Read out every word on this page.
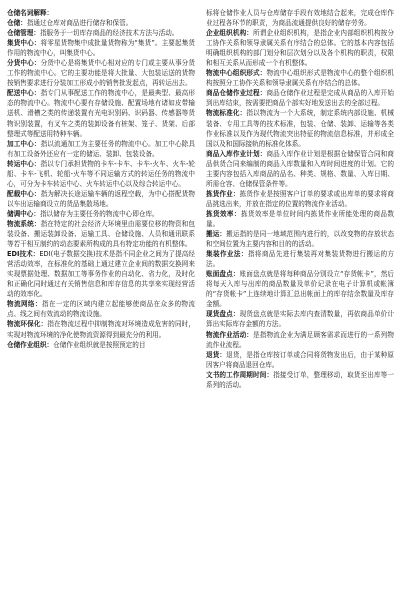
仓储名词解释：

仓储：指通过仓库对商品进行储存和保管。

仓储管理：指服务于一切库存商品的经济技术方法与活动。

集货中心：将零星货物集中成批量货物称为“集货”。主要起集货作用的物流中心，叫集货中心。

分货中心：分货中心是将集货中心相对应的专门或主要从事分货工作的物流中心。它的主要功能是将大批量、大包装运送的货物按销售要求进行分装加工形成小的销售批发起点，再转运出去。

配送中心：指专门从事配送工作的物流中心，是最典型、最高形态的物流中心。物流中心要有存储设施、配置场地有诸如皮带输送机、滑槽之类的传递装置有光电识别码、识码器、传感器等货物识别装置，有叉车之类的装卸设备有桩架、笼子、货架、后部整理式等配送用特种车辆。

加工中心：指以流通加工为主要任务的物流中心。加工中心除具有加工设备外还应有一定的储运、装卸、包装设备。

转运中心：指以专门承担货物的卡车-卡车、卡车-火车、火车-轮船、卡车-飞机、轮船-火车等不同运输方式的转运任务的物流中心，可分为卡车转运中心、火车转运中心以及综合转运中心。

配载中心：指为解决长途运输车辆的返程空载，为中心搭配货物以车出运输商设立的货品集散场地。

储调中心：指以储存为主要任务的物流中心即仓库。

物流系统：指在特定的社会经济大环境里由需要位移的物资和包装设备、搬运装卸设备、运输工具、仓储设施、人员和通讯联系等若干相互制约的动态要素所构成的具有特定功能的有机整体。

EDI技术：EDI(电子数据交换)技术是指不同企业之间为了提高经营活动效率，在标准化的基础上通过建立企业间的数据交换网来实现票据处理、数据加工等事务作业的自动化、省力化，及时化和正确化同时通过有关销售信息和库存信息的共享来实现经营活动的效率化。

物流网络：指在一定的区域内建立起能够使商品在众多的物流点、线之间有效流动的物流设施。

物流环保化：指在物流过程中抑制物流对环境造成危害的同时，实现对物流环境的净化使物流资源得到最充分的利用。

仓储作业组织：仓储作业组织就是按照预定的目

标将仓储作业人员与仓库储存手段有效地结合起来，完成仓库作业过程各环节的职责，为商品流通提供良好的储存劳务。

企业组织机构：所谓企业组织机构，是指企业内部组织机构按分工协作关系和领导隶属关系有序结合的总体。它的基本内容包括明确组织机构的部门划分和层次划分以及各个机构的职责，权限和相互关系从而形成一个有机整体。

物流中心组织形式：物流中心组织形式是物流中心的整个组织机构按照分工协作关系和领导隶属关系有序结合的总体。

商品仓储作业过程：商品仓储作业过程是完成从商品的入库开始到出库结束，按需要把商品个部实好地发送出去的全部过程。

物流标准化：指以物流为一个大系统，制定系统内部设施、机械装备、专用工具等的技术标准，包装、仓储、装卸、运输等各类作业标准以及作为现代物流突出特征的物流信息标准，并形成全国以及和国际接轨的标准化体系。

商品入库作业计划：商品入库作业计划是根据仓储保管合同和商品供货合同来编制的商品入库数量和入库时间进度的计划。它的主要内容包括入库商品的品名、种类、规格、数量、入库日期、所需仓容、仓储保管条件等。

拣货作业：拣货作业是按照客户订单的要求或出库单的要求将商品挑选出来，并放在指定的位置的物流作业活动。

拣货效率：拣货效率是单位时间内拣货作业所能处理的商品数量。

搬运：搬运指的是同一地域范围内进行的，以改变物的存放状态和空间位置为主要内容和目的的活动。

集装作业法：指将商品先进行集装再对集装货物进行搬运的方法。

账面盘点：账面盘点就是将每种商品分别设立“存货帐卡”，然后将每天入库与出库的商品数量及单价记录在电子计算机或帐簿的“存货帐卡”上连续地计算汇总出帐面上的库存结余数量及库存金额。

现货盘点：现货盘点就是实际去库内查清数量，再依商品单价计算出实际库存金额的方法。

物流作业活动：是指物流企业为满足顾客需求而进行的一系列物流作业流程。

退货：退货，是指仓库按订单或合同将货物发出后，由于某种原因客户将商品退回仓库。

文书的工作周期时间：指接受订单，整理移动，取货至出库等一系列的活动。
